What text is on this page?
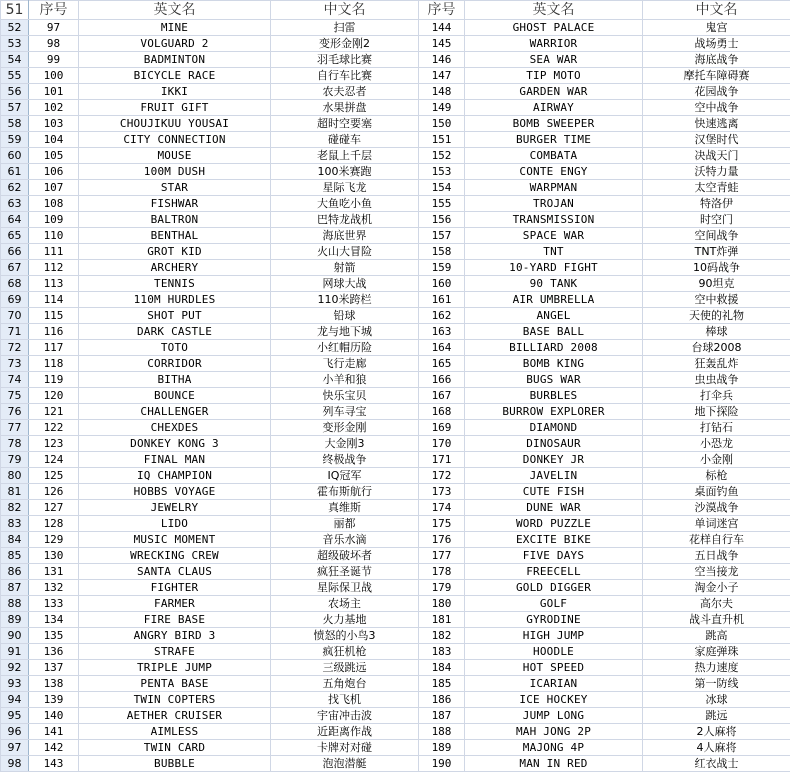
51	序号	英文名	中文名	序号	英文名	中文名
52	97	MINE	扫雷	144	GHOST PALACE	鬼宫
53	98	VOLGUARD 2	变形金刚2	145	WARRIOR	战场勇士
54	99	BADMINTON	羽毛球比赛	146	SEA WAR	海底战争
55	100	BICYCLE RACE	自行车比赛	147	TIP MOTO	摩托车障碍赛
56	101	IKKI	农夫忍者	148	GARDEN WAR	花园战争
57	102	FRUIT GIFT	水果拼盘	149	AIRWAY	空中战争
58	103	CHOUJIKUU YOUSAI	超时空要塞	150	BOMB SWEEPER	快速逃离
59	104	CITY CONNECTION	碰碰车	151	BURGER TIME	汉堡时代
60	105	MOUSE	老鼠上千层	152	COMBATA	决战天门
61	106	100M DUSH	100米赛跑	153	CONTE ENGY	沃特力量
62	107	STAR	星际飞龙	154	WARPMAN	太空青蛙
63	108	FISHWAR	大鱼吃小鱼	155	TROJAN	特洛伊
64	109	BALTRON	巴特龙战机	156	TRANSMISSION	时空门
65	110	BENTHAL	海底世界	157	SPACE WAR	空间战争
66	111	GROT KID	火山大冒险	158	TNT	TNT炸弹
67	112	ARCHERY	射箭	159	10-YARD FIGHT	10码战争
68	113	TENNIS	网球大战	160	90 TANK	90坦克
69	114	110M HURDLES	110米跨栏	161	AIR UMBRELLA	空中救援
70	115	SHOT PUT	铅球	162	ANGEL	天使的礼物
71	116	DARK CASTLE	龙与地下城	163	BASE BALL	棒球
72	117	TOTO	小红帽历险	164	BILLIARD 2008	台球2008
73	118	CORRIDOR	飞行走廊	165	BOMB KING	狂轰乱炸
74	119	BITHA	小羊和狼	166	BUGS WAR	虫虫战争
75	120	BOUNCE	快乐宝贝	167	BURBLES	打伞兵
76	121	CHALLENGER	列车寻宝	168	BURROW EXPLORER	地下探险
77	122	CHEXDES	变形金刚	169	DIAMOND	打钻石
78	123	DONKEY KONG 3	大金刚3	170	DINOSAUR	小恐龙
79	124	FINAL MAN	终极战争	171	DONKEY JR	小金刚
80	125	IQ CHAMPION	IQ冠军	172	JAVELIN	标枪
81	126	HOBBS VOYAGE	霍布斯航行	173	CUTE FISH	桌面钓鱼
82	127	JEWELRY	真维斯	174	DUNE WAR	沙漠战争
83	128	LIDO	丽都	175	WORD PUZZLE	单词迷宫
84	129	MUSIC MOMENT	音乐水滴	176	EXCITE BIKE	花样自行车
85	130	WRECKING CREW	超级破坏者	177	FIVE DAYS	五日战争
86	131	SANTA CLAUS	疯狂圣诞节	178	FREECELL	空当接龙
87	132	FIGHTER	星际保卫战	179	GOLD DIGGER	淘金小子
88	133	FARMER	农场主	180	GOLF	高尔夫
89	134	FIRE BASE	火力基地	181	GYRODINE	战斗直升机
90	135	ANGRY BIRD 3	愤怒的小鸟3	182	HIGH JUMP	跳高
91	136	STRAFE	疯狂机枪	183	HOODLE	家庭弹珠
92	137	TRIPLE JUMP	三级跳远	184	HOT SPEED	热力速度
93	138	PENTA BASE	五角炮台	185	ICARIAN	第一防线
94	139	TWIN COPTERS	找飞机	186	ICE HOCKEY	冰球
95	140	AETHER CRUISER	宇宙冲击波	187	JUMP LONG	跳远
96	141	AIMLESS	近距离作战	188	MAH JONG 2P	2人麻将
97	142	TWIN CARD	卡牌对对碰	189	MAJONG 4P	4人麻将
98	143	BUBBLE	泡泡潜艇	190	MAN IN RED	红衣战士
